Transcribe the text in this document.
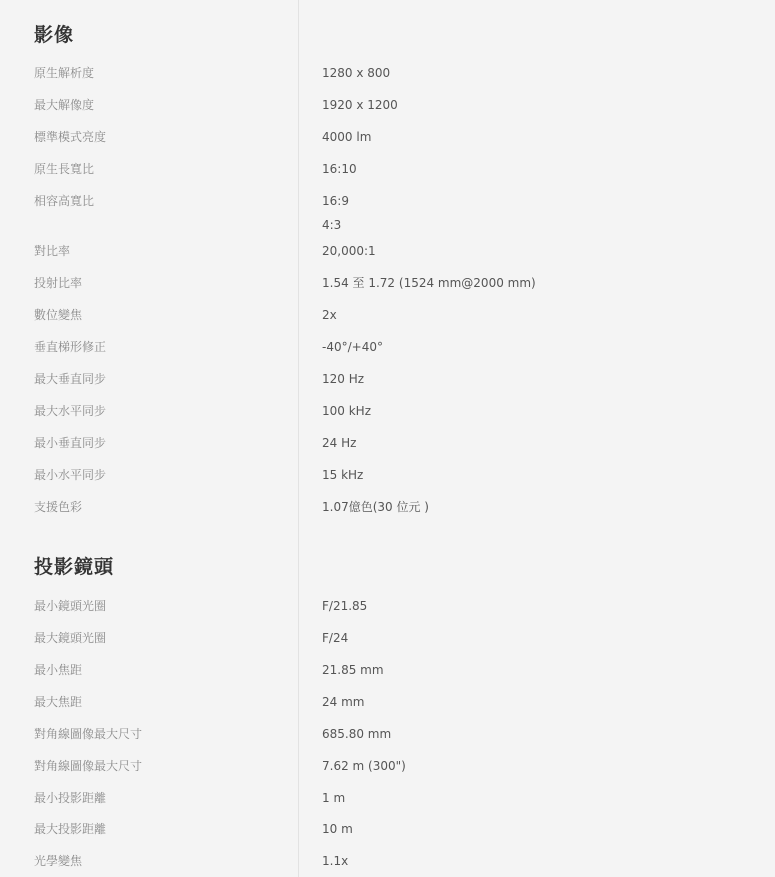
影像
原生解析度	1280 x 800
最大解像度	1920 x 1200
標準模式亮度	4000 lm
原生長寬比	16:10
相容高寬比	16:9
4:3
對比率	20,000:1
投射比率	1.54 至 1.72 (1524 mm@2000 mm)
數位變焦	2x
垂直梯形修正	-40°/+40°
最大垂直同步	120 Hz
最大水平同步	100 kHz
最小垂直同步	24 Hz
最小水平同步	15 kHz
支援色彩	1.07億色(30 位元 )
投影鏡頭
最小鏡頭光圈	F/21.85
最大鏡頭光圈	F/24
最小焦距	21.85 mm
最大焦距	24 mm
對角線圖像最大尺寸	685.80 mm
對角線圖像最大尺寸	7.62 m (300")
最小投影距離	1 m
最大投影距離	10 m
光學變焦	1.1x
